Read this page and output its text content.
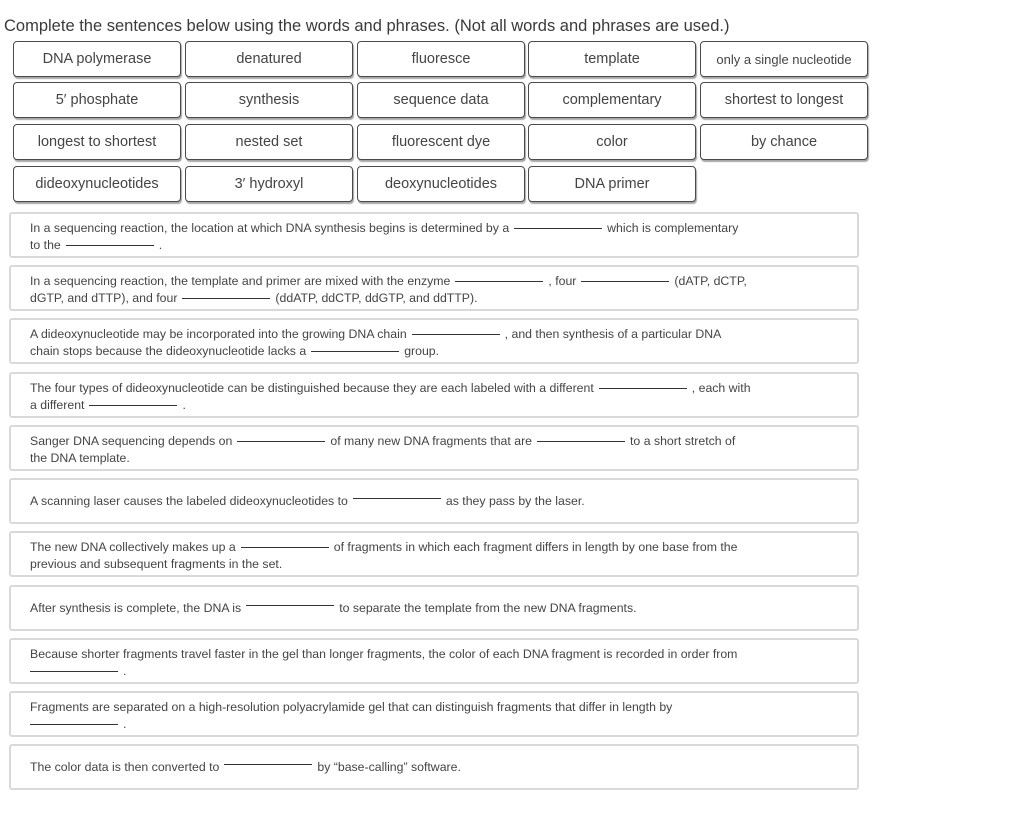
Complete the sentences below using the words and phrases. (Not all words and phrases are used.)
DNA polymerase	denatured	fluoresce	template	only a single nucleotide
5′ phosphate	synthesis	sequence data	complementary	shortest to longest
longest to shortest	nested set	fluorescent dye	color	by chance
dideoxynucleotides	3′ hydroxyl	deoxynucleotides	DNA primer
In a sequencing reaction, the location at which DNA synthesis begins is determined by a	which is complementary
to the	.
In a sequencing reaction, the template and primer are mixed with the enzyme	, four	(dATP, dCTP,
dGTP, and dTTP), and four	(ddATP, ddCTP, ddGTP, and ddTTP).
A dideoxynucleotide may be incorporated into the growing DNA chain	, and then synthesis of a particular DNA
chain stops because the dideoxynucleotide lacks a	group.
The four types of dideoxynucleotide can be distinguished because they are each labeled with a different	, each with
a different	.
Sanger DNA sequencing depends on	of many new DNA fragments that are	to a short stretch of
the DNA template.
A scanning laser causes the labeled dideoxynucleotides to	as they pass by the laser.
The new DNA collectively makes up a	of fragments in which each fragment differs in length by one base from the
previous and subsequent fragments in the set.
After synthesis is complete, the DNA is	to separate the template from the new DNA fragments.
Because shorter fragments travel faster in the gel than longer fragments, the color of each DNA fragment is recorded in order from
.
Fragments are separated on a high-resolution polyacrylamide gel that can distinguish fragments that differ in length by
.
The color data is then converted to	by “base-calling” software.
